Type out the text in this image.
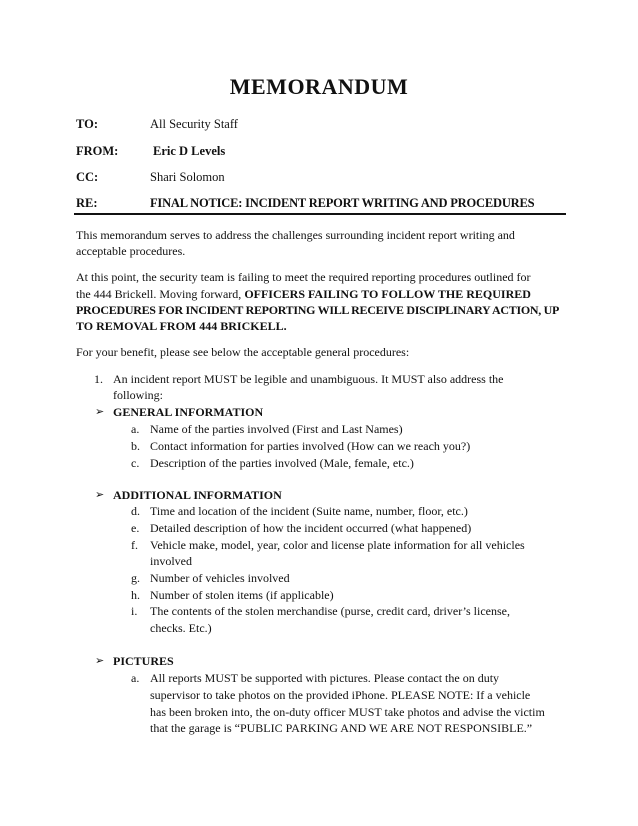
MEMORANDUM
TO:	All Security Staff
FROM:	Eric D Levels
CC:	Shari Solomon
RE:	FINAL NOTICE: INCIDENT REPORT WRITING AND PROCEDURES
This memorandum serves to address the challenges surrounding incident report writing and
acceptable procedures.
At this point, the security team is failing to meet the required reporting procedures outlined for
the 444 Brickell. Moving forward, OFFICERS FAILING TO FOLLOW THE REQUIRED
PROCEDURES FOR INCIDENT REPORTING WILL RECEIVE DISCIPLINARY ACTION, UP
TO REMOVAL FROM 444 BRICKELL.
For your benefit, please see below the acceptable general procedures:
1. An incident report MUST be legible and unambiguous. It MUST also address the
following:
➢ GENERAL INFORMATION
a. Name of the parties involved (First and Last Names)
b. Contact information for parties involved (How can we reach you?)
c. Description of the parties involved (Male, female, etc.)
➢ ADDITIONAL INFORMATION
d. Time and location of the incident (Suite name, number, floor, etc.)
e. Detailed description of how the incident occurred (what happened)
f. Vehicle make, model, year, color and license plate information for all vehicles
involved
g. Number of vehicles involved
h. Number of stolen items (if applicable)
i. The contents of the stolen merchandise (purse, credit card, driver’s license,
checks. Etc.)
➢ PICTURES
a. All reports MUST be supported with pictures. Please contact the on duty
supervisor to take photos on the provided iPhone. PLEASE NOTE: If a vehicle
has been broken into, the on-duty officer MUST take photos and advise the victim
that the garage is “PUBLIC PARKING AND WE ARE NOT RESPONSIBLE.”
